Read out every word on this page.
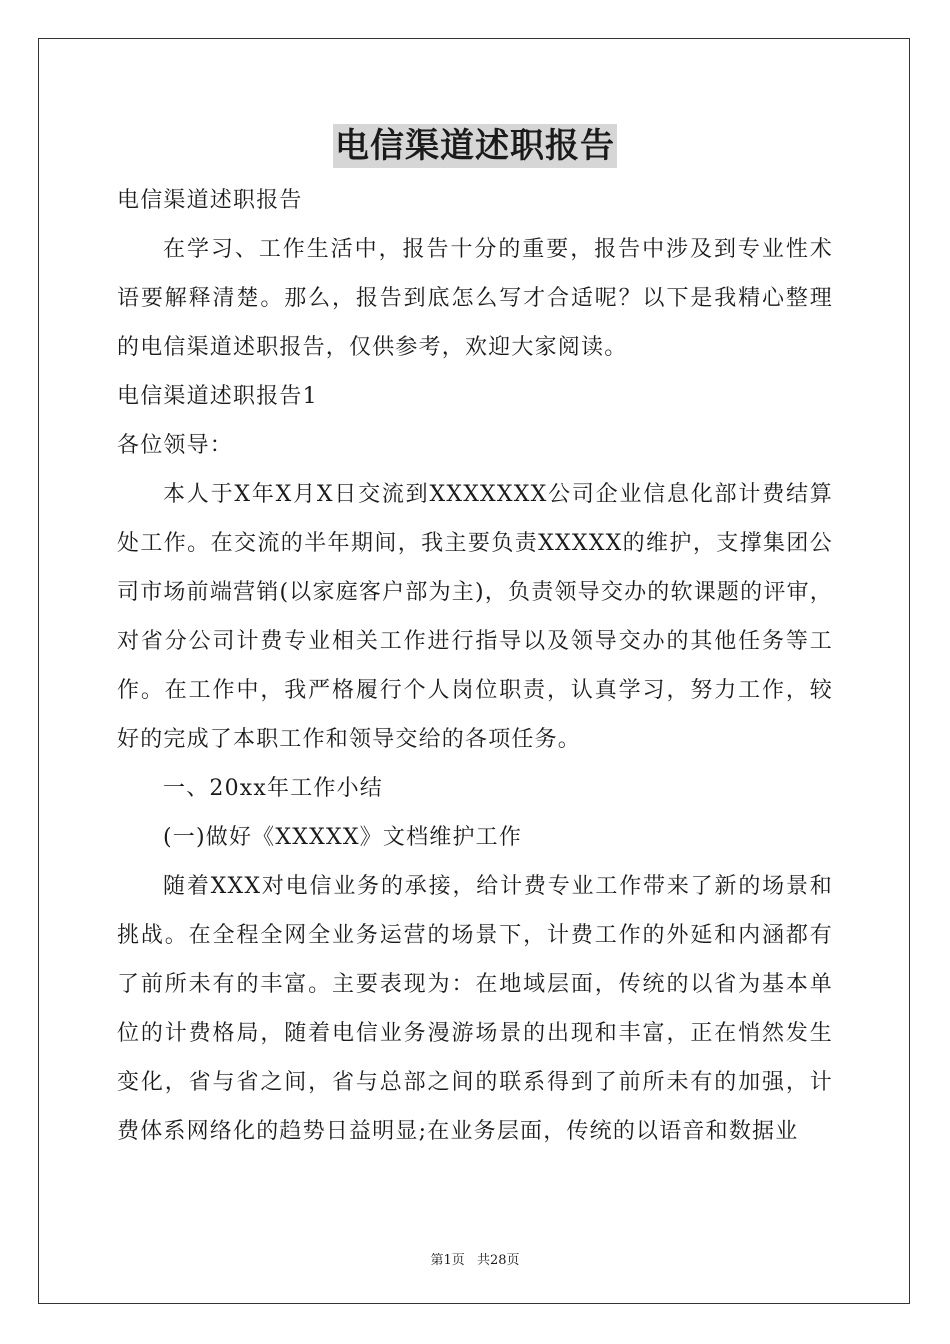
电信渠道述职报告

电信渠道述职报告

在学习、工作生活中，报告十分的重要，报告中涉及到专业性术语要解释清楚。那么，报告到底怎么写才合适呢？以下是我精心整理的电信渠道述职报告，仅供参考，欢迎大家阅读。

电信渠道述职报告1

各位领导：

本人于X年X月X日交流到XXXXXXX公司企业信息化部计费结算处工作。在交流的半年期间，我主要负责XXXXX的维护，支撑集团公司市场前端营销(以家庭客户部为主)，负责领导交办的软课题的评审，对省分公司计费专业相关工作进行指导以及领导交办的其他任务等工作。在工作中，我严格履行个人岗位职责，认真学习，努力工作，较好的完成了本职工作和领导交给的各项任务。

一、20xx年工作小结

(一)做好《XXXXX》文档维护工作

随着XXX对电信业务的承接，给计费专业工作带来了新的场景和挑战。在全程全网全业务运营的场景下，计费工作的外延和内涵都有了前所未有的丰富。主要表现为：在地域层面，传统的以省为基本单位的计费格局，随着电信业务漫游场景的出现和丰富，正在悄然发生变化，省与省之间，省与总部之间的联系得到了前所未有的加强，计费体系网络化的趋势日益明显;在业务层面，传统的以语音和数据业

第1页 共28页
